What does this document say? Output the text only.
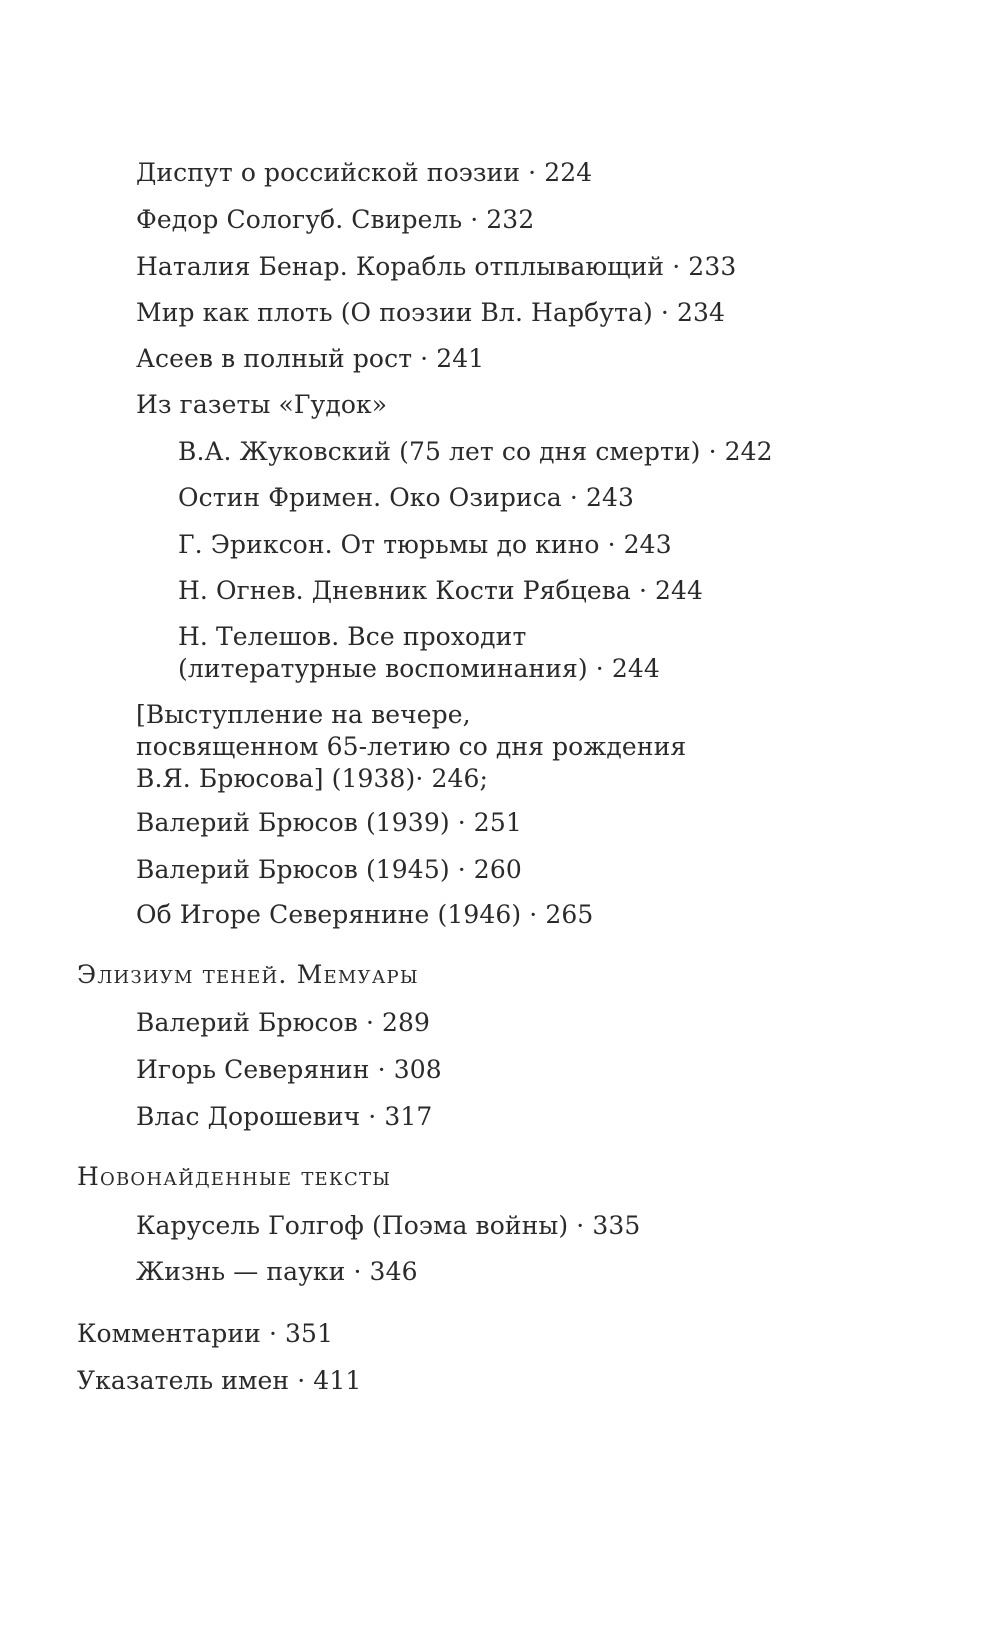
Диспут о российской поэзии · 224
Федор Сологуб. Свирель · 232
Наталия Бенар. Корабль отплывающий · 233
Мир как плоть (О поэзии Вл. Нарбута) · 234
Асеев в полный рост · 241
Из газеты «Гудок»
В.А. Жуковский (75 лет со дня смерти) · 242
Остин Фримен. Око Озириса · 243
Г. Эриксон. От тюрьмы до кино · 243
Н. Огнев. Дневник Кости Рябцева · 244
Н. Телешов. Все проходит
(литературные воспоминания) · 244
[Выступление на вечере,
посвященном 65-летию со дня рождения
В.Я. Брюсова] (1938)· 246;
Валерий Брюсов (1939) · 251
Валерий Брюсов (1945) · 260
Об Игоре Северянине (1946) · 265
Элизиум теней. Мемуары
Валерий Брюсов · 289
Игорь Северянин · 308
Влас Дорошевич · 317
Новонайденные тексты
Карусель Голгоф (Поэма войны) · 335
Жизнь — пауки · 346
Комментарии · 351
Указатель имен · 411
